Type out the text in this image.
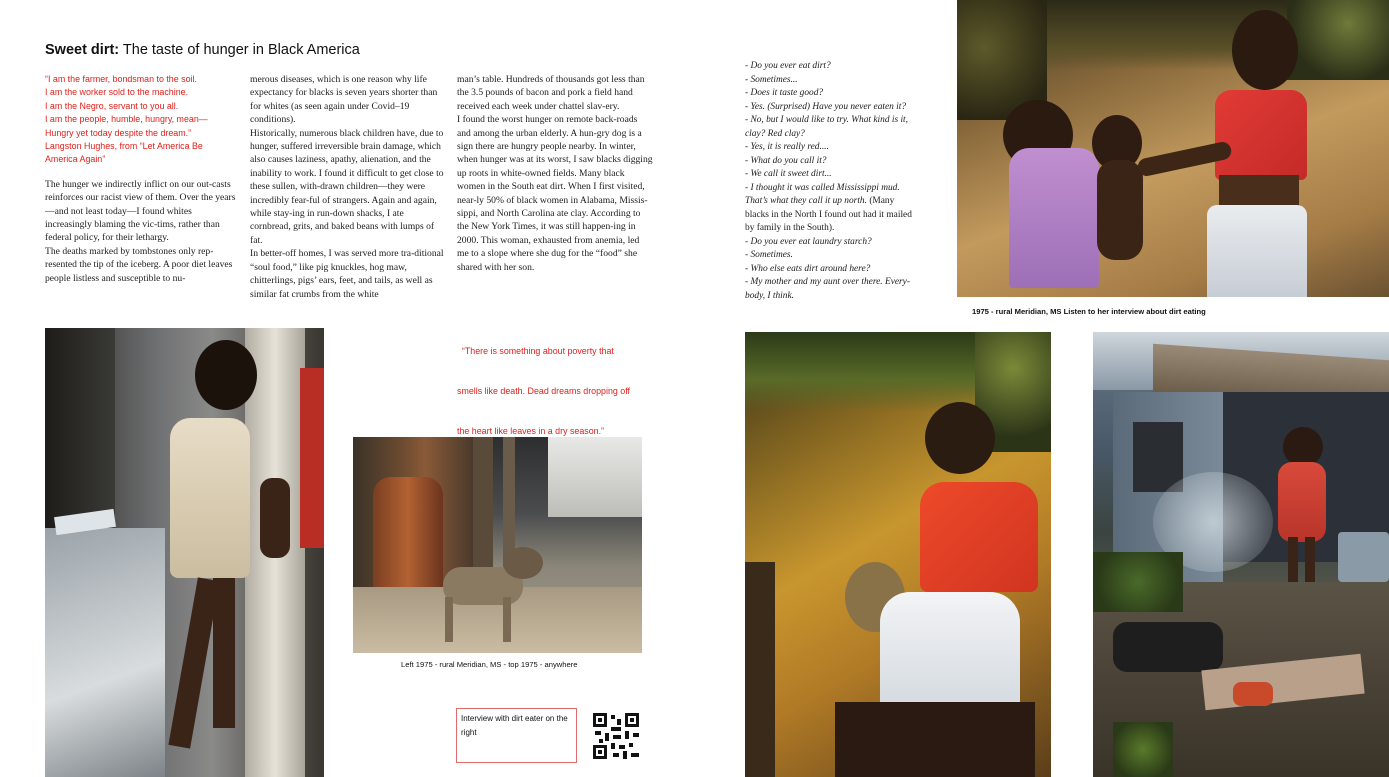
Sweet dirt: The taste of hunger in Black America

“I am the farmer, bondsman to the soil.

I am the worker sold to the machine.

I am the Negro, servant to you all.

I am the people, humble, hungry, mean—

Hungry yet today despite the dream.”

Langston Hughes, from “Let America Be

America Again”

The hunger we indirectly inflict on our out-casts reinforces our racist view of them. Over the years—and not least today—I found whites increasingly blaming the vic-tims, rather than federal policy, for their lethargy.

The deaths marked by tombstones only rep-resented the tip of the iceberg. A poor diet leaves people listless and susceptible to nu-

merous diseases, which is one reason why life expectancy for blacks is seven years shorter than for whites (as seen again under Covid–19 conditions).

Historically, numerous black children have, due to hunger, suffered irreversible brain damage, which also causes laziness, apathy, alienation, and the inability to work. I found it difficult to get close to these sullen, with-drawn children—they were incredibly fear-ful of strangers. Again and again, while stay-ing in run-down shacks, I ate cornbread, grits, and baked beans with lumps of fat.

In better-off homes, I was served more tra-ditional “soul food,” like pig knuckles, hog maw, chitterlings, pigs’ ears, feet, and tails, as well as similar fat crumbs from the white

man’s table. Hundreds of thousands got less than the 3.5 pounds of bacon and pork a field hand received each week under chattel slav-ery.

I found the worst hunger on remote back-roads and among the urban elderly. A hun-gry dog is a sign there are hungry people nearby. In winter, when hunger was at its worst, I saw blacks digging up roots in white-owned fields. Many black women in the South eat dirt. When I first visited, near-ly 50% of black women in Alabama, Missis-sippi, and North Carolina ate clay. According to the New York Times, it was still happen-ing in 2000. This woman, exhausted from anemia, led me to a slope where she dug for the “food” she shared with her son.

“There is something about poverty that

smells like death. Dead dreams dropping off

the heart like leaves in a dry season.”

- Do you ever eat dirt?

- Sometimes...

- Does it taste good?

- Yes. (Surprised) Have you never eaten it?

- No, but I would like to try. What kind is it,

clay? Red clay?

- Yes, it is really red....

- What do you call it?

- We call it sweet dirt...

- I thought it was called Mississippi mud.

That’s what they call it up north. (Many

blacks in the North I found out had it mailed

by family in the South).

- Do you ever eat laundry starch?

- Sometimes.

- Who else eats dirt around here?

- My mother and my aunt over there. Every-

body, I think.

1975 - rural Meridian, MS Listen to her interview about dirt eating
Left 1975 - rural Meridian, MS - top 1975 - anywhere
Interview with dirt eater on the right
